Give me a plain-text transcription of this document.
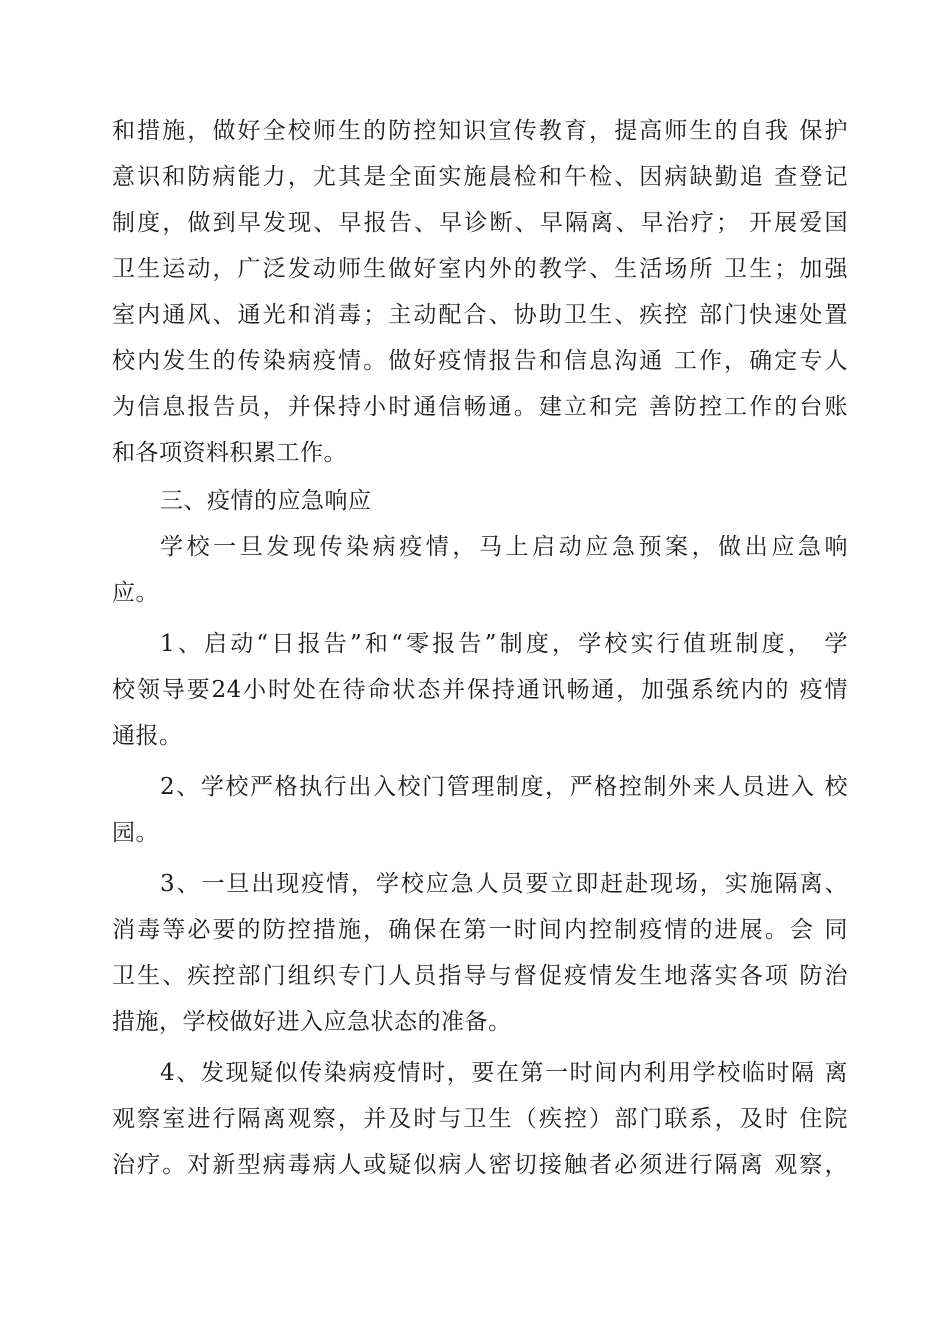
和措施，做好全校师生的防控知识宣传教育，提高师生的自我 保护
意识和防病能力，尤其是全面实施晨检和午检、因病缺勤追 查登记
制度，做到早发现、早报告、早诊断、早隔离、早治疗； 开展爱国
卫生运动，广泛发动师生做好室内外的教学、生活场所 卫生；加强
室内通风、通光和消毒；主动配合、协助卫生、疾控 部门快速处置
校内发生的传染病疫情。做好疫情报告和信息沟通 工作，确定专人
为信息报告员，并保持小时通信畅通。建立和完 善防控工作的台账
和各项资料积累工作。
三、疫情的应急响应
学校一旦发现传染病疫情，马上启动应急预案，做出应急响
应。
1、启动“日报告”和“零报告”制度，学校实行值班制度， 学
校领导要24小时处在待命状态并保持通讯畅通，加强系统内的 疫情
通报。
2、学校严格执行出入校门管理制度，严格控制外来人员进入 校
园。
3、一旦出现疫情，学校应急人员要立即赶赴现场，实施隔离、
消毒等必要的防控措施，确保在第一时间内控制疫情的进展。会 同
卫生、疾控部门组织专门人员指导与督促疫情发生地落实各项 防治
措施，学校做好进入应急状态的准备。
4、发现疑似传染病疫情时，要在第一时间内利用学校临时隔 离
观察室进行隔离观察，并及时与卫生（疾控）部门联系，及时 住院
治疗。对新型病毒病人或疑似病人密切接触者必须进行隔离 观察，
